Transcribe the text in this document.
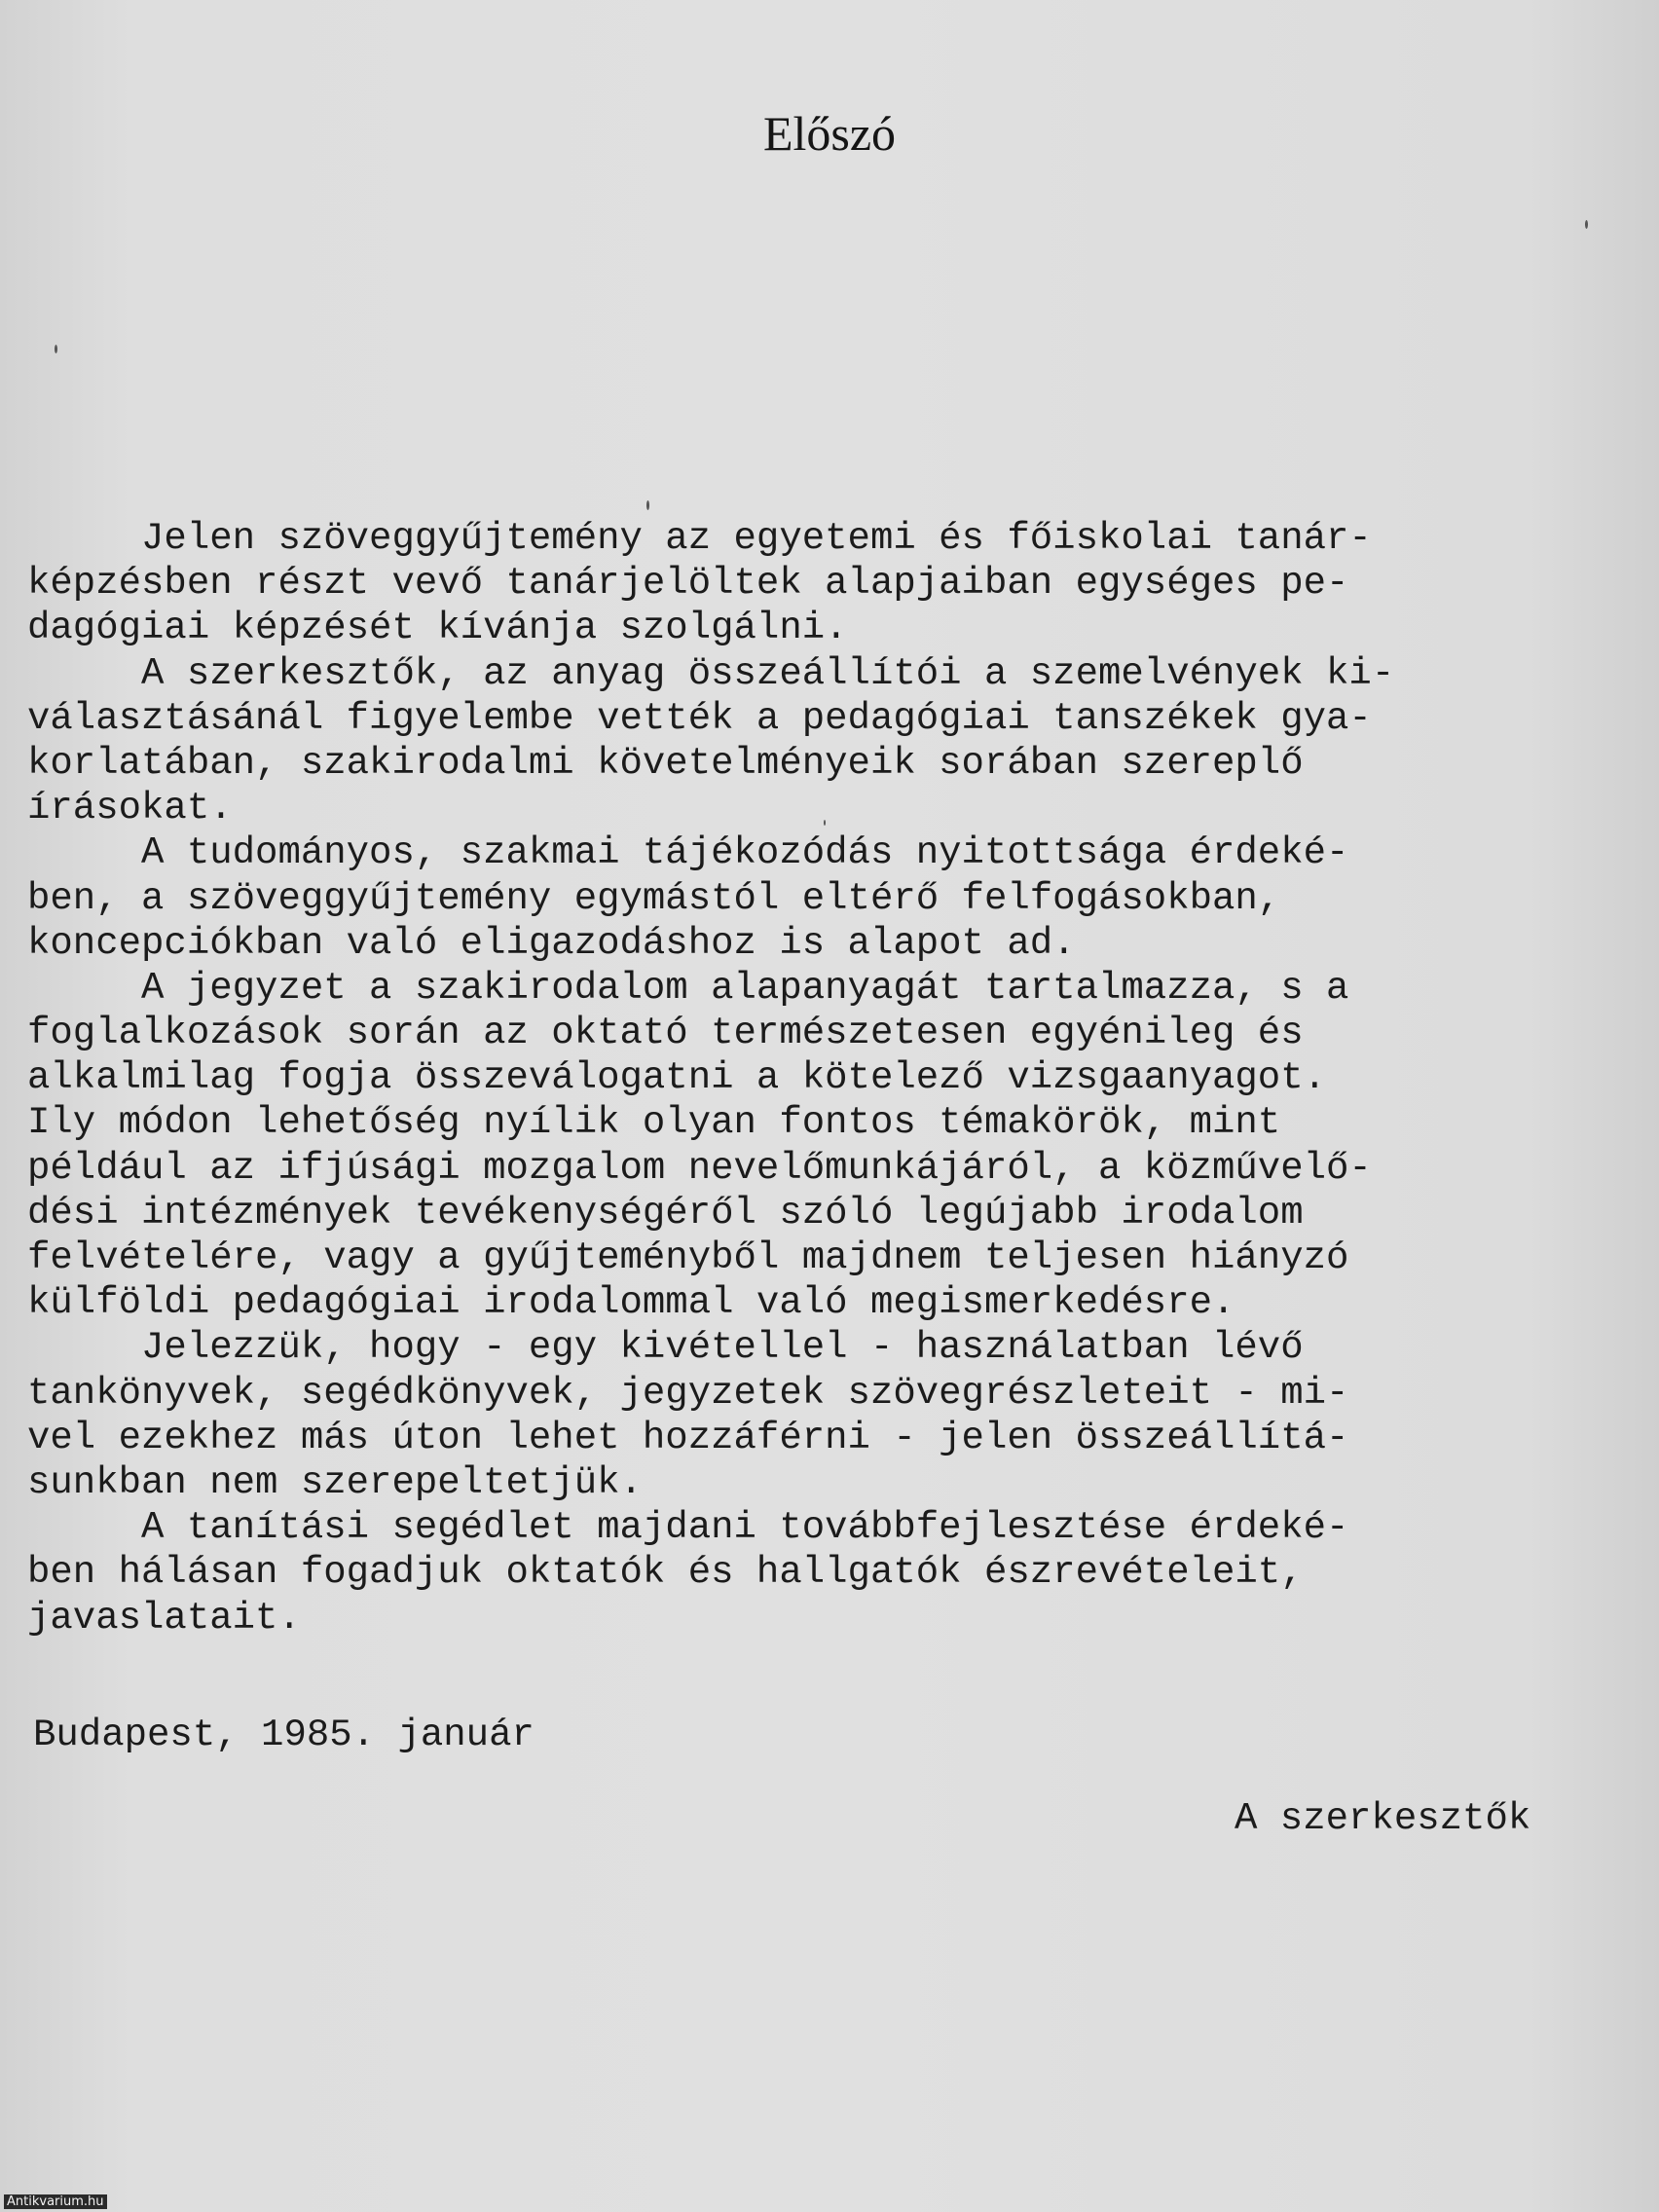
Előszó
Jelen szöveggyűjtemény az egyetemi és főiskolai tanár-
képzésben részt vevő tanárjelöltek alapjaiban egységes pe-
dagógiai képzését kívánja szolgálni.
A szerkesztők, az anyag összeállítói a szemelvények ki-
választásánál figyelembe vették a pedagógiai tanszékek gya-
korlatában, szakirodalmi követelményeik sorában szereplő
írásokat.
A tudományos, szakmai tájékozódás nyitottsága érdeké-
ben, a szöveggyűjtemény egymástól eltérő felfogásokban,
koncepciókban való eligazodáshoz is alapot ad.
A jegyzet a szakirodalom alapanyagát tartalmazza, s a
foglalkozások során az oktató természetesen egyénileg és
alkalmilag fogja összeválogatni a kötelező vizsgaanyagot.
Ily módon lehetőség nyílik olyan fontos témakörök, mint
például az ifjúsági mozgalom nevelőmunkájáról, a közművelő-
dési intézmények tevékenységéről szóló legújabb irodalom
felvételére, vagy a gyűjteményből majdnem teljesen hiányzó
külföldi pedagógiai irodalommal való megismerkedésre.
Jelezzük, hogy - egy kivétellel - használatban lévő
tankönyvek, segédkönyvek, jegyzetek szövegrészleteit - mi-
vel ezekhez más úton lehet hozzáférni - jelen összeállítá-
sunkban nem szerepeltetjük.
A tanítási segédlet majdani továbbfejlesztése érdeké-
ben hálásan fogadjuk oktatók és hallgatók észrevételeit,
javaslatait.
Budapest, 1985. január
A szerkesztők
Antikvarium.hu
